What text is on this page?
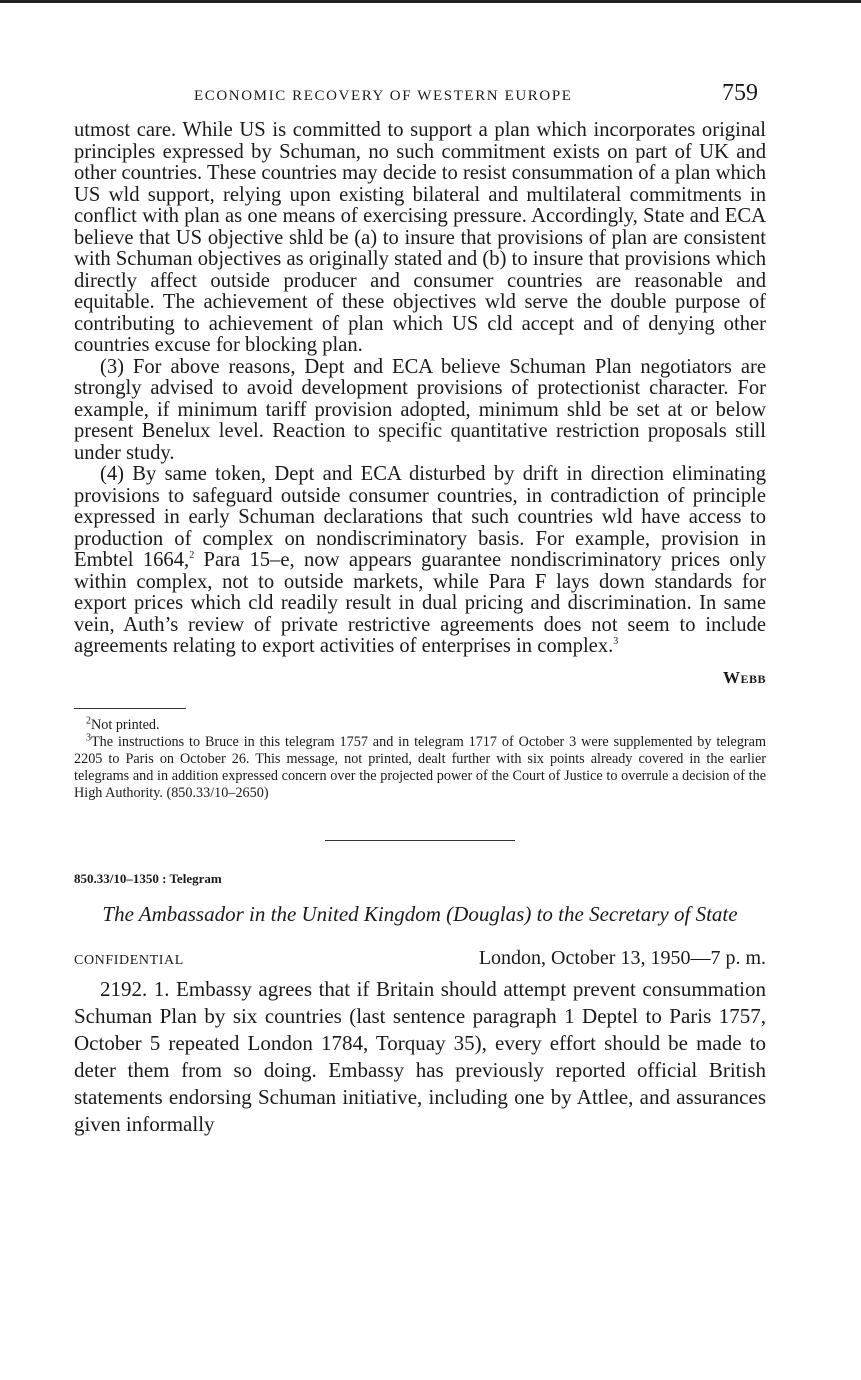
ECONOMIC RECOVERY OF WESTERN EUROPE	759

utmost care. While US is committed to support a plan which incorporates original principles expressed by Schuman, no such commitment exists on part of UK and other countries. These countries may decide to resist consummation of a plan which US wld support, relying upon existing bilateral and multilateral commitments in conflict with plan as one means of exercising pressure. Accordingly, State and ECA believe that US objective shld be (a) to insure that provisions of plan are consistent with Schuman objectives as originally stated and (b) to insure that provisions which directly affect outside producer and consumer countries are reasonable and equitable. The achievement of these objectives wld serve the double purpose of contributing to achievement of plan which US cld accept and of denying other countries excuse for blocking plan.

(3) For above reasons, Dept and ECA believe Schuman Plan negotiators are strongly advised to avoid development provisions of protectionist character. For example, if minimum tariff provision adopted, minimum shld be set at or below present Benelux level. Reaction to specific quantitative restriction proposals still under study.

(4) By same token, Dept and ECA disturbed by drift in direction eliminating provisions to safeguard outside consumer countries, in contradiction of principle expressed in early Schuman declarations that such countries wld have access to production of complex on nondiscriminatory basis. For example, provision in Embtel 1664,$^2$ Para 15–e, now appears guarantee nondiscriminatory prices only within complex, not to outside markets, while Para F lays down standards for export prices which cld readily result in dual pricing and discrimination. In same vein, Auth’s review of private restrictive agreements does not seem to include agreements relating to export activities of enterprises in complex.$^3$

Webb

$^2$Not printed.

$^3$The instructions to Bruce in this telegram 1757 and in telegram 1717 of October 3 were supplemented by telegram 2205 to Paris on October 26. This message, not printed, dealt further with six points already covered in the earlier telegrams and in addition expressed concern over the projected power of the Court of Justice to overrule a decision of the High Authority. (850.33/10–2650)

850.33/10–1350 : Telegram

The Ambassador in the United Kingdom (Douglas) to the Secretary of State

CONFIDENTIAL	London, October 13, 1950—7 p. m.

2192. 1. Embassy agrees that if Britain should attempt prevent consummation Schuman Plan by six countries (last sentence paragraph 1 Deptel to Paris 1757, October 5 repeated London 1784, Torquay 35), every effort should be made to deter them from so doing. Embassy has previously reported official British statements endorsing Schuman initiative, including one by Attlee, and assurances given informally
